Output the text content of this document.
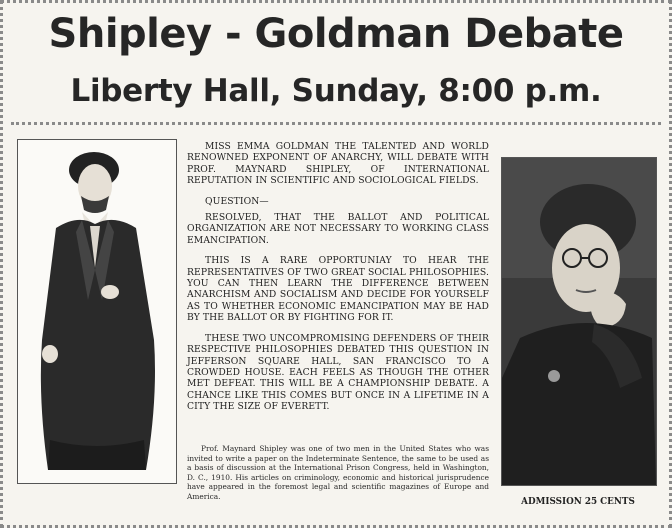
Shipley - Goldman Debate
Liberty Hall, Sunday, 8:00 p.m.

MISS EMMA GOLDMAN THE TALENTED AND WORLD RENOWNED EXPONENT OF ANARCHY, WILL DEBATE WITH PROF. MAYNARD SHIPLEY, OF INTERNATIONAL REPUTATION IN SCIENTIFIC AND SOCIOLOGICAL FIELDS.

QUESTION—

RESOLVED, THAT THE BALLOT AND POLITICAL ORGANIZATION ARE NOT NECESSARY TO WORKING CLASS EMANCIPATION.

THIS IS A RARE OPPORTUNIAY TO HEAR THE REPRESENTATIVES OF TWO GREAT SOCIAL PHILOSOPHIES. YOU CAN THEN LEARN THE DIFFERENCE BETWEEN ANARCHISM AND SOCIALISM AND DECIDE FOR YOURSELF AS TO WHETHER ECONOMIC EMANCIPATION MAY BE HAD BY THE BALLOT OR BY FIGHTING FOR IT.

THESE TWO UNCOMPROMISING DEFENDERS OF THEIR RESPECTIVE PHILOSOPHIES DEBATED THIS QUESTION IN JEFFERSON SQUARE HALL, SAN FRANCISCO TO A CROWDED HOUSE. EACH FEELS AS THOUGH THE OTHER MET DEFEAT. THIS WILL BE A CHAMPIONSHIP DEBATE. A CHANCE LIKE THIS COMES BUT ONCE IN A LIFETIME IN A CITY THE SIZE OF EVERETT.

Prof. Maynard Shipley was one of two men in the United States who was invited to write a paper on the Indeterminate Sentence, the same to be used as a basis of discussion at the International Prison Congress, held in Washington, D. C., 1910. His articles on criminology, economic and historical jurisprudence have appeared in the foremost legal and scientific magazines of Europe and America.
ADMISSION 25 CENTS
